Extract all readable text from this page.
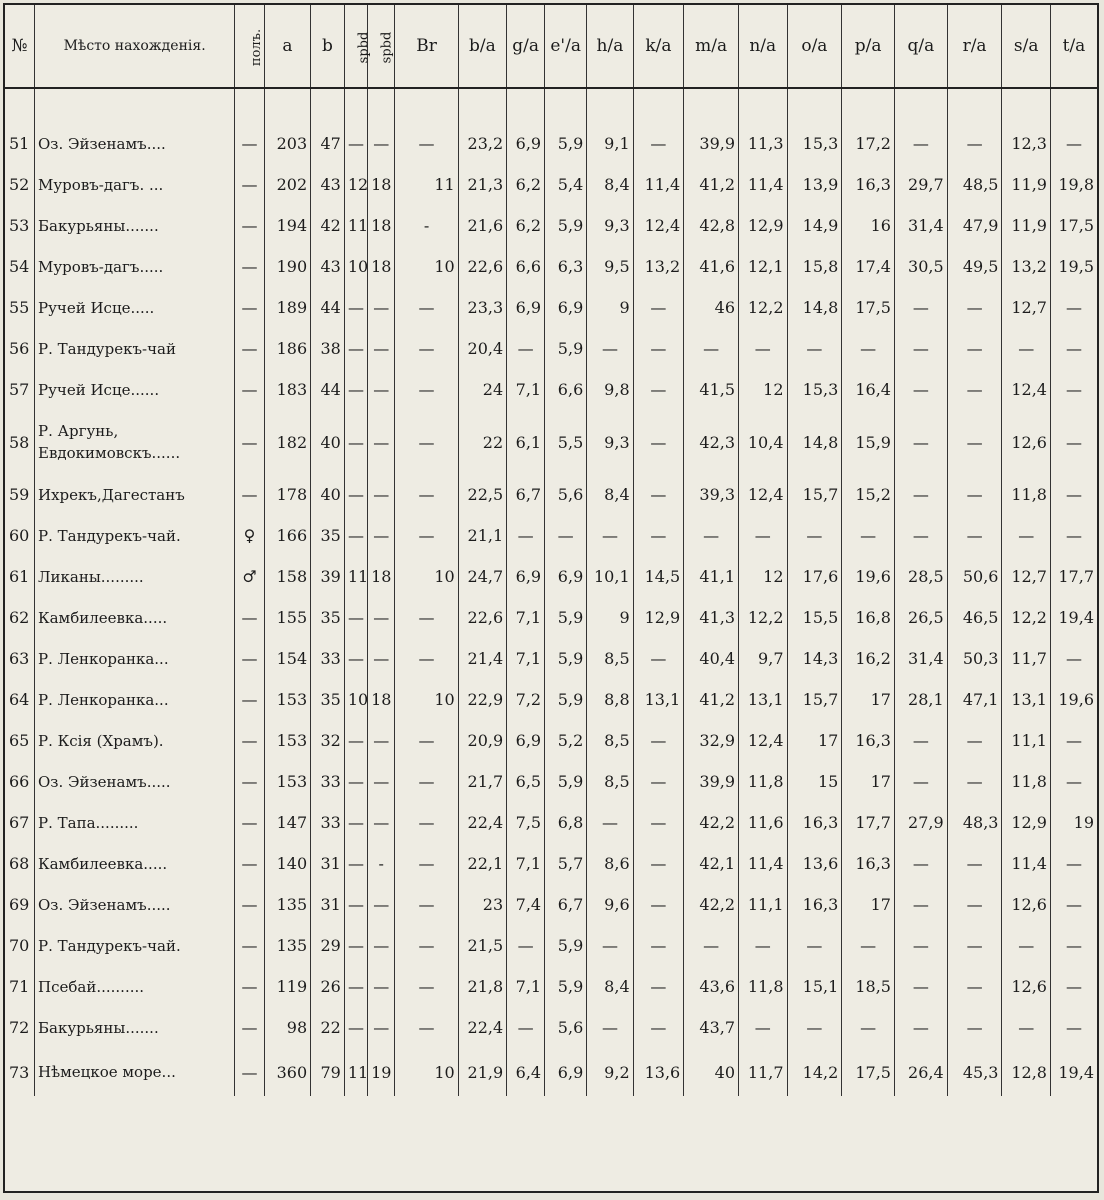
№	Мѣсто нахожденія.	полъ.	a	b	spbd	spbd	Br	b/a	g/a	e'/a	h/a	k/a	m/a	n/a	o/a	p/a	q/a	r/a	s/a	t/a

51	Оз. Эйзенамъ....	—	203	47	—	—	—	23,2	6,9	5,9	9,1	—	39,9	11,3	15,3	17,2	—	—	12,3	—
52	Муровъ-дагъ. ...	—	202	43	12	18	11	21,3	6,2	5,4	8,4	11,4	41,2	11,4	13,9	16,3	29,7	48,5	11,9	19,8
53	Бакурьяны.......	—	194	42	11	18	-	21,6	6,2	5,9	9,3	12,4	42,8	12,9	14,9	16	31,4	47,9	11,9	17,5
54	Муровъ-дагъ.....	—	190	43	10	18	10	22,6	6,6	6,3	9,5	13,2	41,6	12,1	15,8	17,4	30,5	49,5	13,2	19,5
55	Ручей Исце.....	—	189	44	—	—	—	23,3	6,9	6,9	9	—	46	12,2	14,8	17,5	—	—	12,7	—
56	Р. Тандурекъ-чай	—	186	38	—	—	—	20,4	—	5,9	—	—	—	—	—	—	—	—	—	—
57	Ручей Исце......	—	183	44	—	—	—	24	7,1	6,6	9,8	—	41,5	12	15,3	16,4	—	—	12,4	—
58	Р. Аргунь, Евдокимовскъ......	—	182	40	—	—	—	22	6,1	5,5	9,3	—	42,3	10,4	14,8	15,9	—	—	12,6	—
59	Ихрекъ,Дагестанъ	—	178	40	—	—	—	22,5	6,7	5,6	8,4	—	39,3	12,4	15,7	15,2	—	—	11,8	—
60	Р. Тандурекъ-чай.	♀	166	35	—	—	—	21,1	—	—	—	—	—	—	—	—	—	—	—	—
61	Ликаны.........	♂	158	39	11	18	10	24,7	6,9	6,9	10,1	14,5	41,1	12	17,6	19,6	28,5	50,6	12,7	17,7
62	Камбилеевка.....	—	155	35	—	—	—	22,6	7,1	5,9	9	12,9	41,3	12,2	15,5	16,8	26,5	46,5	12,2	19,4
63	Р. Ленкоранка...	—	154	33	—	—	—	21,4	7,1	5,9	8,5	—	40,4	9,7	14,3	16,2	31,4	50,3	11,7	—
64	Р. Ленкоранка...	—	153	35	10	18	10	22,9	7,2	5,9	8,8	13,1	41,2	13,1	15,7	17	28,1	47,1	13,1	19,6
65	Р. Ксія (Храмъ).	—	153	32	—	—	—	20,9	6,9	5,2	8,5	—	32,9	12,4	17	16,3	—	—	11,1	—
66	Оз. Эйзенамъ.....	—	153	33	—	—	—	21,7	6,5	5,9	8,5	—	39,9	11,8	15	17	—	—	11,8	—
67	Р. Тапа.........	—	147	33	—	—	—	22,4	7,5	6,8	—	—	42,2	11,6	16,3	17,7	27,9	48,3	12,9	19
68	Камбилеевка.....	—	140	31	—	-	—	22,1	7,1	5,7	8,6	—	42,1	11,4	13,6	16,3	—	—	11,4	—
69	Оз. Эйзенамъ.....	—	135	31	—	—	—	23	7,4	6,7	9,6	—	42,2	11,1	16,3	17	—	—	12,6	—
70	Р. Тандурекъ-чай.	—	135	29	—	—	—	21,5	—	5,9	—	—	—	—	—	—	—	—	—	—
71	Псебай..........	—	119	26	—	—	—	21,8	7,1	5,9	8,4	—	43,6	11,8	15,1	18,5	—	—	12,6	—
72	Бакурьяны.......	—	98	22	—	—	—	22,4	—	5,6	—	—	43,7	—	—	—	—	—	—	—
73	Нѣмецкое море...	—	360	79	11	19	10	21,9	6,4	6,9	9,2	13,6	40	11,7	14,2	17,5	26,4	45,3	12,8	19,4
